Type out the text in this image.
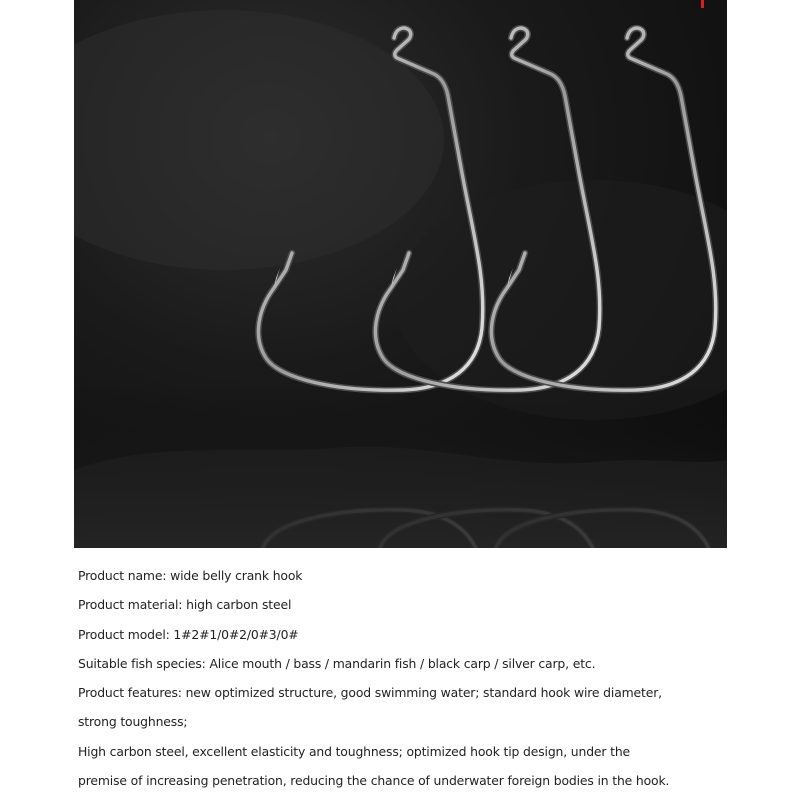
Product name: wide belly crank hook
Product material: high carbon steel
Product model: 1#2#1/0#2/0#3/0#
Suitable fish species: Alice mouth / bass / mandarin fish / black carp / silver carp, etc.
Product features: new optimized structure, good swimming water; standard hook wire diameter,
strong toughness;
High carbon steel, excellent elasticity and toughness; optimized hook tip design, under the
premise of increasing penetration, reducing the chance of underwater foreign bodies in the hook.
